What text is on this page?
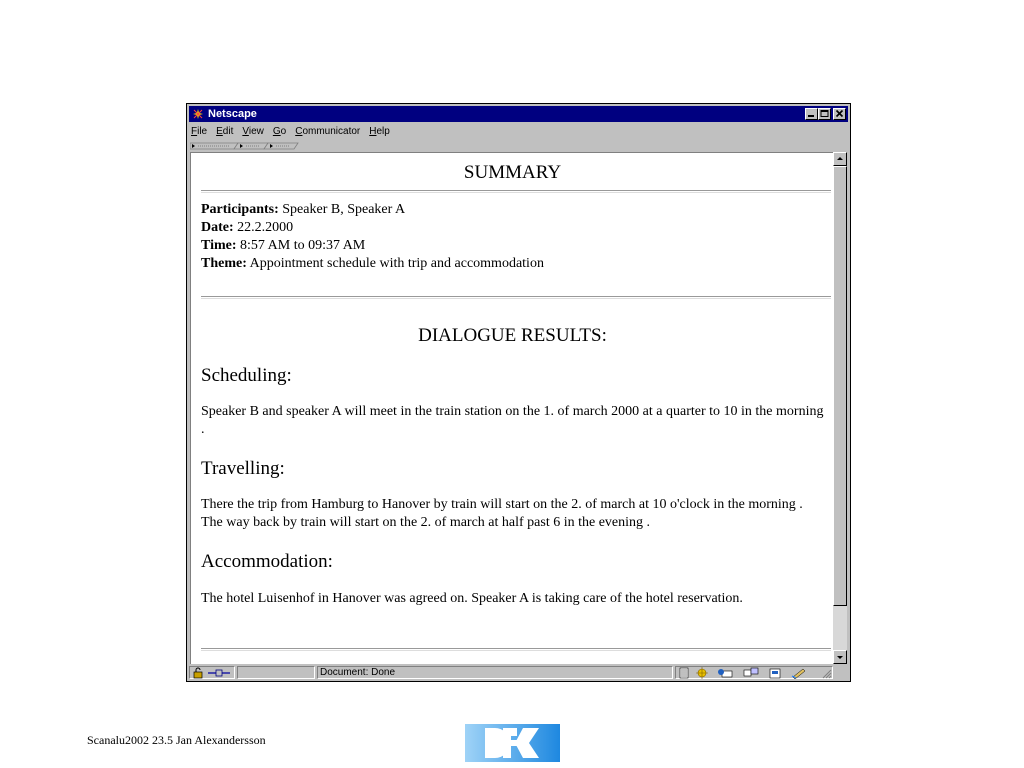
Netscape
File Edit View Go Communicator Help
SUMMARY
Participants: Speaker B, Speaker A
Date: 22.2.2000
Time: 8:57 AM to 09:37 AM
Theme: Appointment schedule with trip and accommodation
DIALOGUE RESULTS:
Scheduling:
Speaker B and speaker A will meet in the train station on the 1. of march 2000 at a quarter to 10 in the morning .
Travelling:
There the trip from Hamburg to Hanover by train will start on the 2. of march at 10 o'clock in the morning . The way back by train will start on the 2. of march at half past 6 in the evening .
Accommodation:
The hotel Luisenhof in Hanover was agreed on. Speaker A is taking care of the hotel reservation.
Document: Done
Scanalu2002 23.5 Jan Alexandersson
